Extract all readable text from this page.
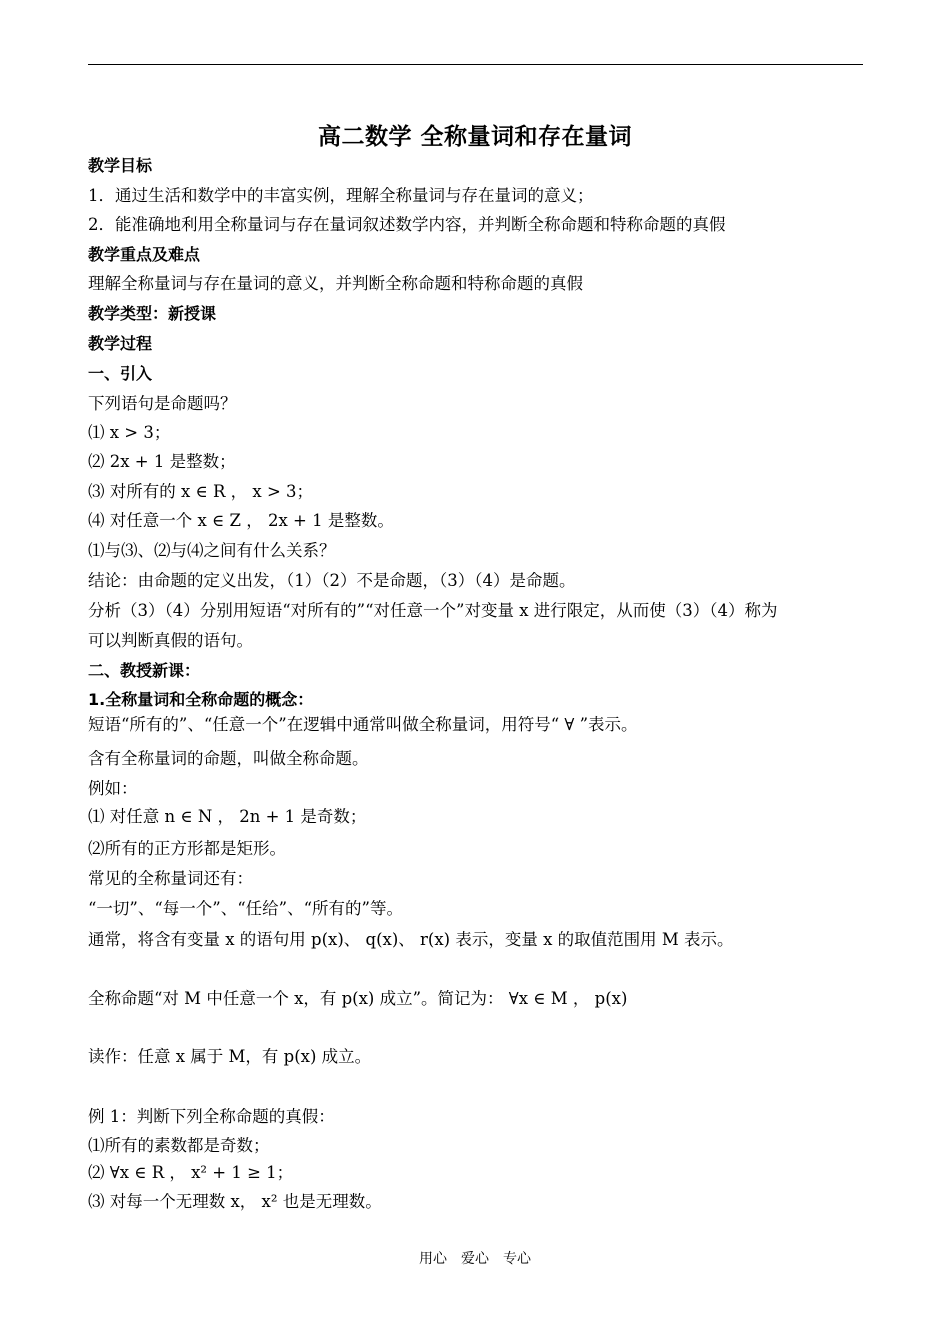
高二数学 全称量词和存在量词
教学目标
1．通过生活和数学中的丰富实例，理解全称量词与存在量词的意义；
2．能准确地利用全称量词与存在量词叙述数学内容，并判断全称命题和特称命题的真假
教学重点及难点
理解全称量词与存在量词的意义，并判断全称命题和特称命题的真假
教学类型：新授课
教学过程
一、引入
下列语句是命题吗？
⑴ x > 3；
⑵ 2x + 1 是整数；
⑶ 对所有的 x ∈ R ， x > 3；
⑷ 对任意一个 x ∈ Z ， 2x + 1 是整数。
⑴与⑶、⑵与⑷之间有什么关系？
结论：由命题的定义出发，（1）（2）不是命题，（3）（4）是命题。
分析（3）（4）分别用短语“对所有的”“对任意一个”对变量 x 进行限定，从而使（3）（4）称为
可以判断真假的语句。
二、教授新课：
1.全称量词和全称命题的概念：
短语“所有的”、“任意一个”在逻辑中通常叫做全称量词，用符号“ ∀ ”表示。
含有全称量词的命题，叫做全称命题。
例如：
⑴ 对任意 n ∈ N ， 2n + 1 是奇数；
⑵所有的正方形都是矩形。
常见的全称量词还有：
“一切”、“每一个”、“任给”、“所有的”等。
通常，将含有变量 x 的语句用 p(x)、 q(x)、 r(x) 表示，变量 x 的取值范围用 M 表示。
全称命题“对 M 中任意一个 x，有 p(x) 成立”。简记为： ∀x ∈ M ， p(x)
读作：任意 x 属于 M，有 p(x) 成立。
例 1：判断下列全称命题的真假：
⑴所有的素数都是奇数；
⑵ ∀x ∈ R ， x² + 1 ≥ 1；
⑶ 对每一个无理数 x， x² 也是无理数。
用心　爱心　专心
